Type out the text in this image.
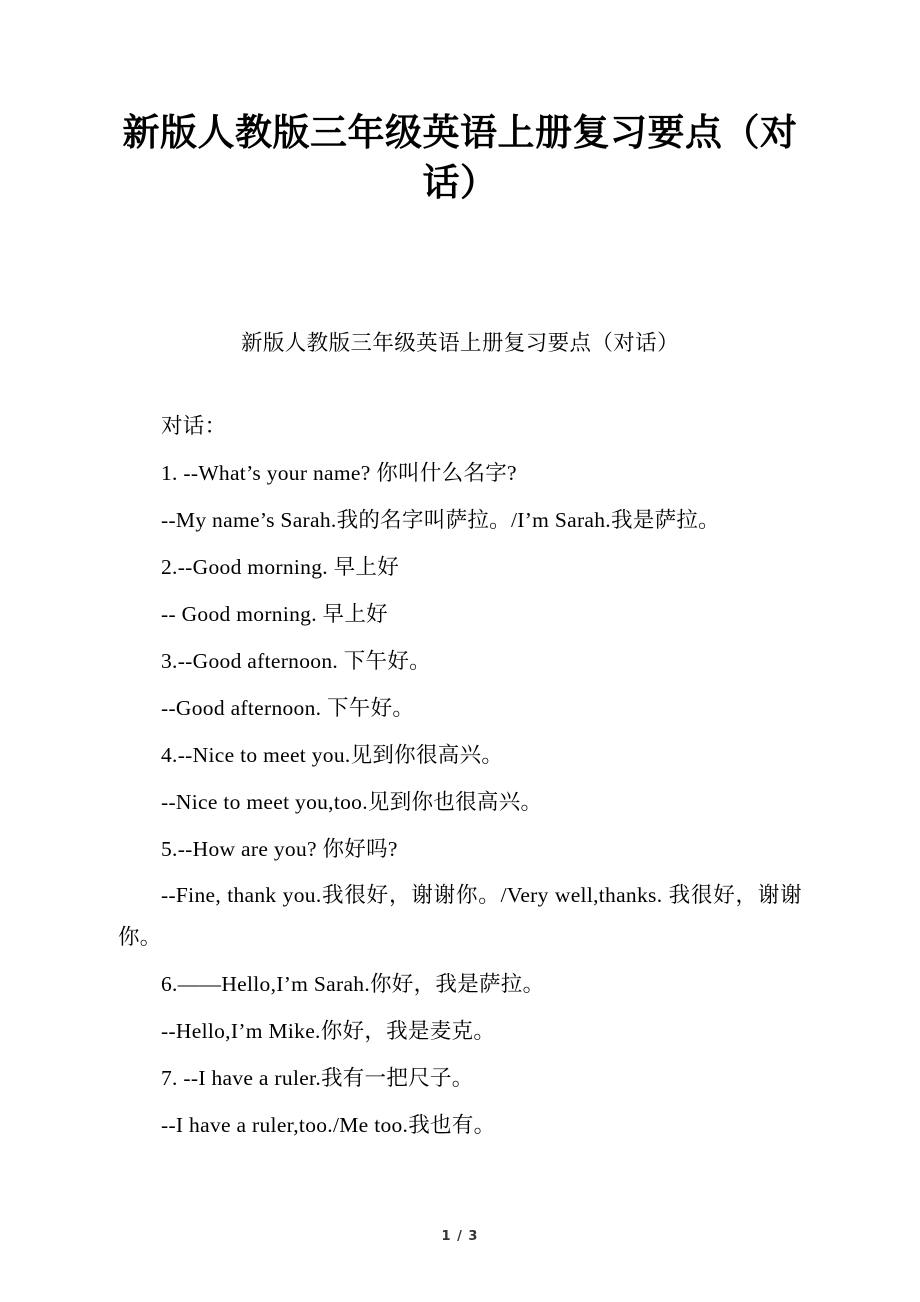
新版人教版三年级英语上册复习要点（对话）
新版人教版三年级英语上册复习要点（对话）

对话：

1. --What’s your name? 你叫什么名字?

--My name’s Sarah.我的名字叫萨拉。/I’m Sarah.我是萨拉。

2.--Good morning. 早上好

-- Good morning. 早上好

3.--Good afternoon. 下午好。

--Good afternoon. 下午好。

4.--Nice to meet you.见到你很高兴。

--Nice to meet you,too.见到你也很高兴。

5.--How are you? 你好吗?

--Fine, thank you.我很好，谢谢你。/Very well,thanks. 我很好，谢谢你。

6.——Hello,I’m Sarah.你好，我是萨拉。

--Hello,I’m Mike.你好，我是麦克。

7. --I have a ruler.我有一把尺子。

--I have a ruler,too./Me too.我也有。

1 / 3
